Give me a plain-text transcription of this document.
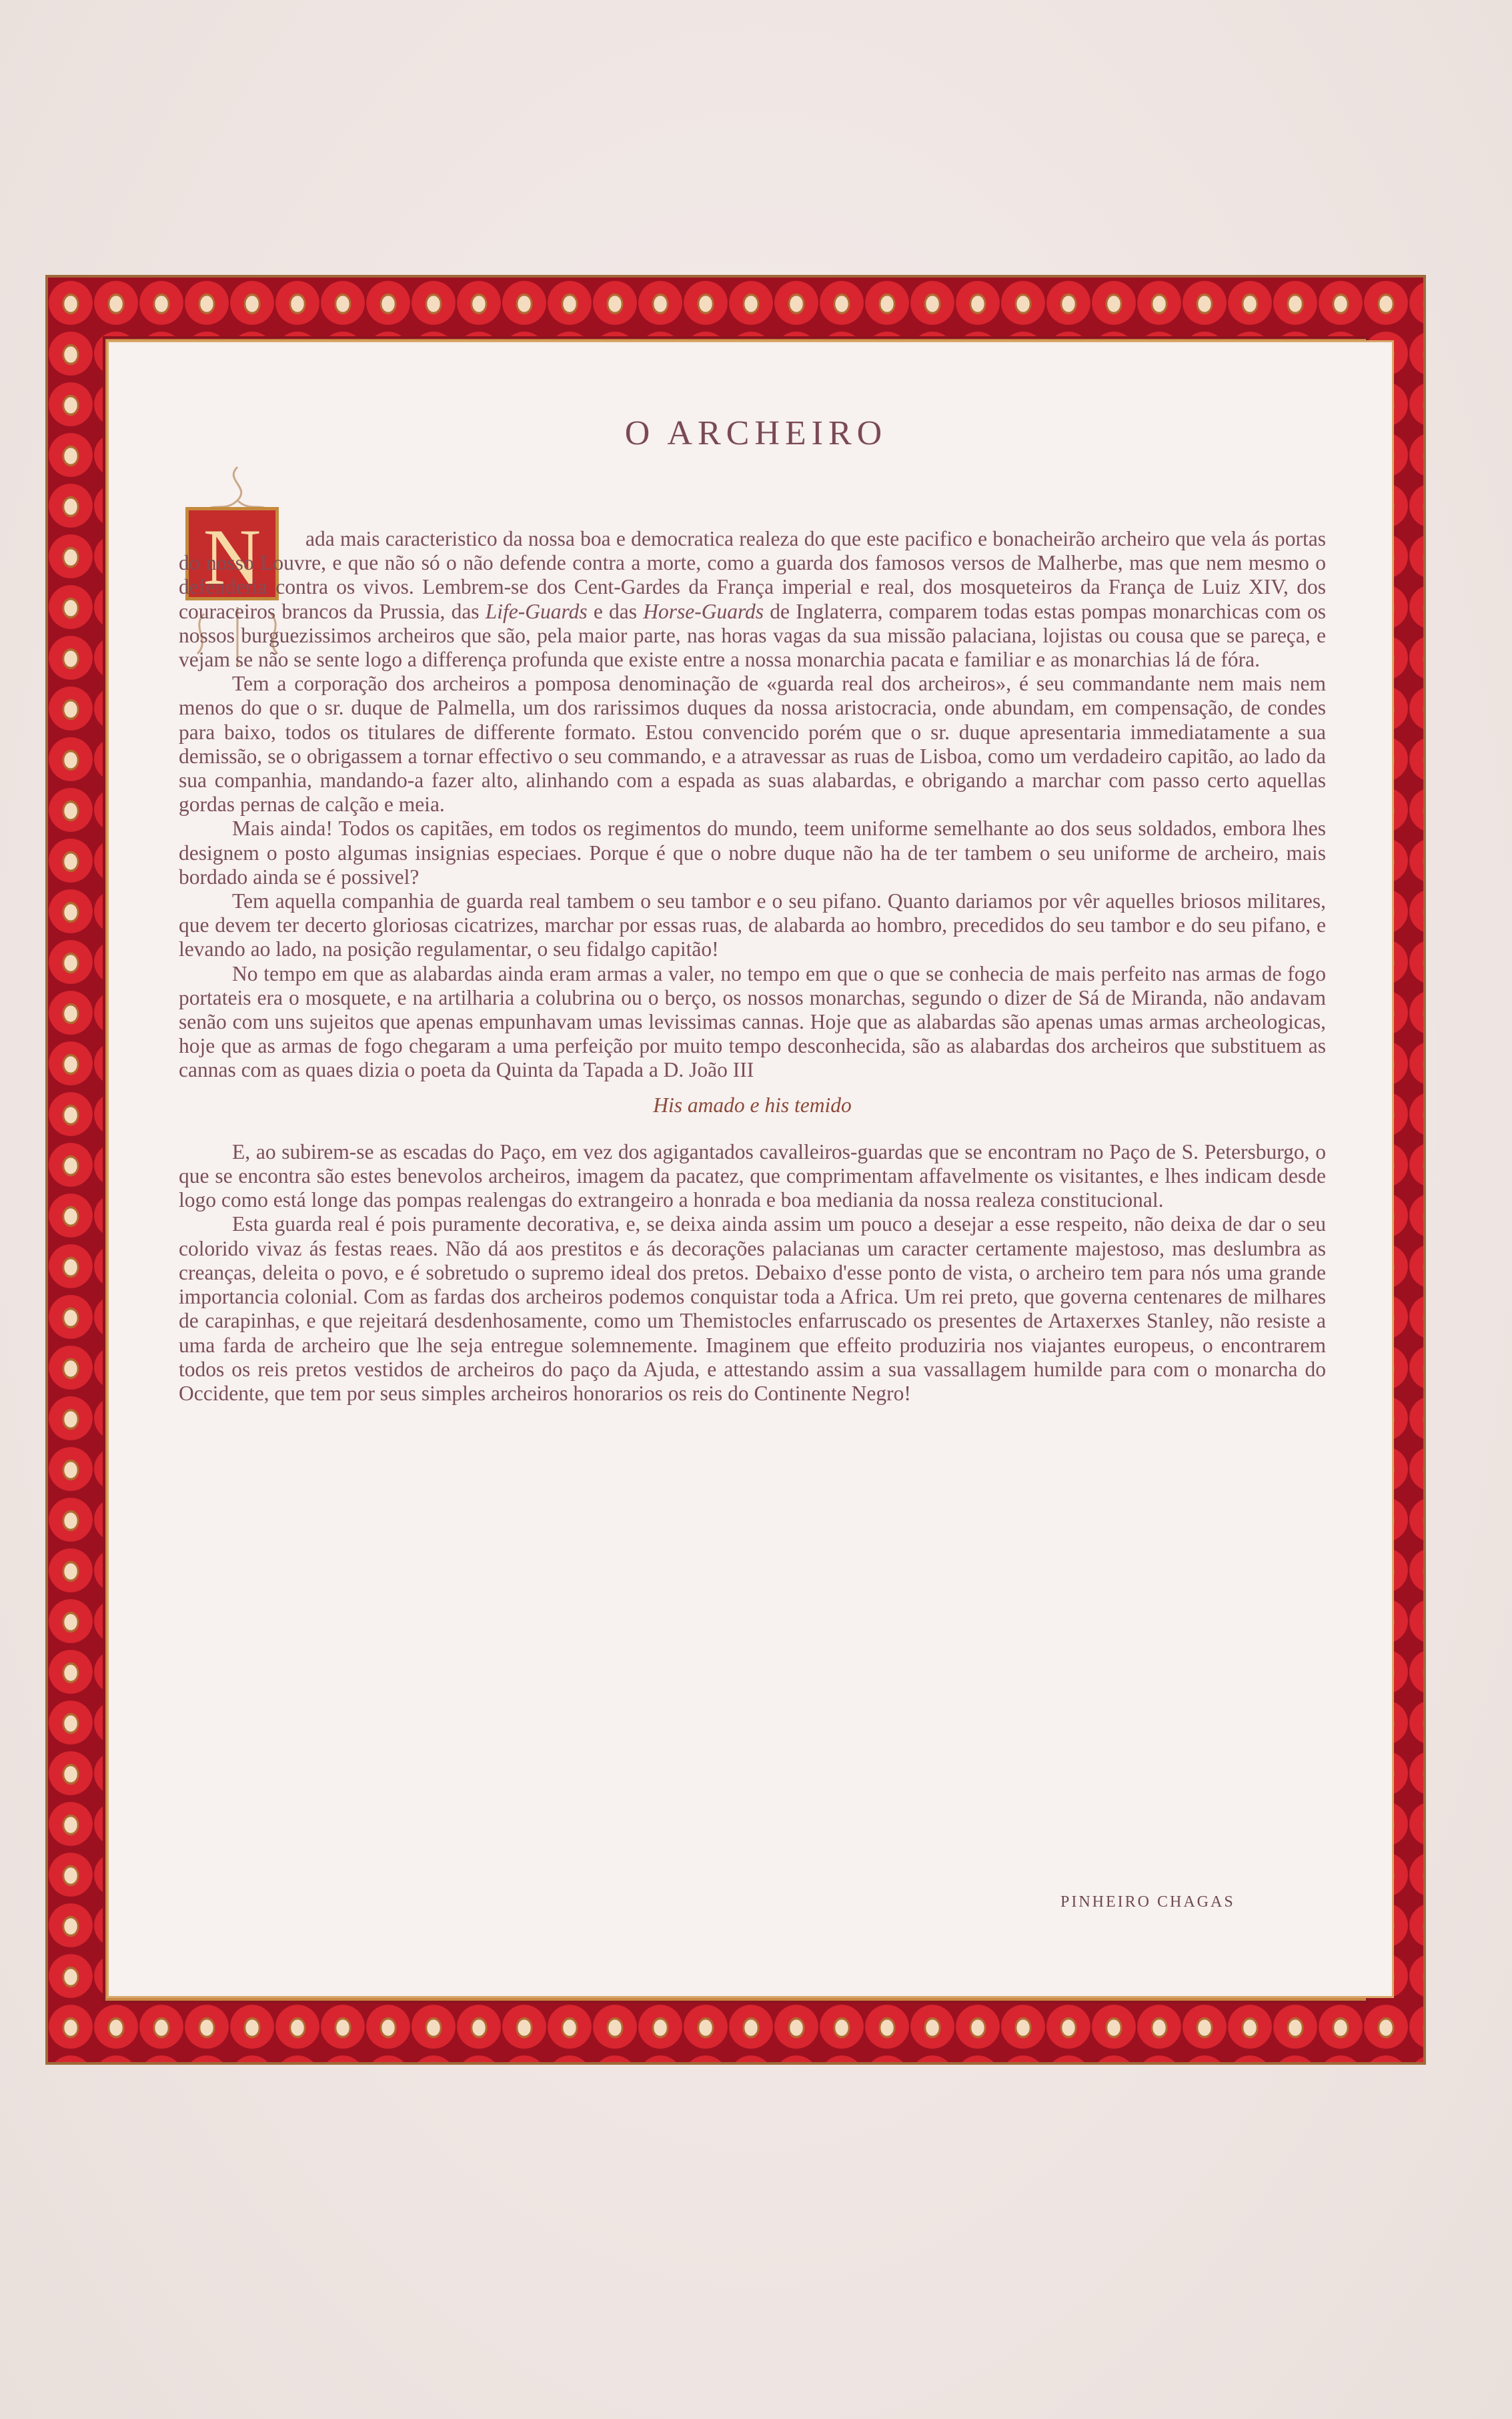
O ARCHEIRO
N	ada mais caracteristico da nossa boa e democratica realeza do que este pacifico e bonacheirão archeiro que vela ás portas do nosso Louvre, e que não só o não defende contra a morte, como a guarda dos famosos versos de Malherbe, mas que nem mesmo o defenderia contra os vivos. Lembrem-se dos Cent-Gardes da França imperial e real, dos mosqueteiros da França de Luiz XIV, dos couraceiros brancos da Prussia, das Life-Guards e das Horse-Guards de Inglaterra, comparem todas estas pompas monarchicas com os nossos burguezissimos archeiros que são, pela maior parte, nas horas vagas da sua missão palaciana, lojistas ou cousa que se pareça, e vejam se não se sente logo a differença profunda que existe entre a nossa monarchia pacata e familiar e as monarchias lá de fóra.

Tem a corporação dos archeiros a pomposa denominação de «guarda real dos archeiros», é seu commandante nem mais nem menos do que o sr. duque de Palmella, um dos rarissimos duques da nossa aristocracia, onde abundam, em compensação, de condes para baixo, todos os titulares de differente formato. Estou convencido porém que o sr. duque apresentaria immediatamente a sua demissão, se o obrigassem a tornar effectivo o seu commando, e a atravessar as ruas de Lisboa, como um verdadeiro capitão, ao lado da sua companhia, mandando-a fazer alto, alinhando com a espada as suas alabardas, e obrigando a marchar com passo certo aquellas gordas pernas de calção e meia.

Mais ainda! Todos os capitães, em todos os regimentos do mundo, teem uniforme semelhante ao dos seus soldados, embora lhes designem o posto algumas insignias especiaes. Porque é que o nobre duque não ha de ter tambem o seu uniforme de archeiro, mais bordado ainda se é possivel?

Tem aquella companhia de guarda real tambem o seu tambor e o seu pifano. Quanto dariamos por vêr aquelles briosos militares, que devem ter decerto gloriosas cicatrizes, marchar por essas ruas, de alabarda ao hombro, precedidos do seu tambor e do seu pifano, e levando ao lado, na posição regulamentar, o seu fidalgo capitão!

No tempo em que as alabardas ainda eram armas a valer, no tempo em que o que se conhecia de mais perfeito nas armas de fogo portateis era o mosquete, e na artilharia a colubrina ou o berço, os nossos monarchas, segundo o dizer de Sá de Miranda, não andavam senão com uns sujeitos que apenas empunhavam umas levissimas cannas. Hoje que as alabardas são apenas umas armas archeologicas, hoje que as armas de fogo chegaram a uma perfeição por muito tempo desconhecida, são as alabardas dos archeiros que substituem as cannas com as quaes dizia o poeta da Quinta da Tapada a D. João III

His amado e his temido

E, ao subirem-se as escadas do Paço, em vez dos agigantados cavalleiros-guardas que se encontram no Paço de S. Petersburgo, o que se encontra são estes benevolos archeiros, imagem da pacatez, que comprimentam affavelmente os visitantes, e lhes indicam desde logo como está longe das pompas realengas do extrangeiro a honrada e boa mediania da nossa realeza constitucional.

Esta guarda real é pois puramente decorativa, e, se deixa ainda assim um pouco a desejar a esse respeito, não deixa de dar o seu colorido vivaz ás festas reaes. Não dá aos prestitos e ás decorações palacianas um caracter certamente majestoso, mas deslumbra as creanças, deleita o povo, e é sobretudo o supremo ideal dos pretos. Debaixo d'esse ponto de vista, o archeiro tem para nós uma grande importancia colonial. Com as fardas dos archeiros podemos conquistar toda a Africa. Um rei preto, que governa centenares de milhares de carapinhas, e que rejeitará desdenhosamente, como um Themistocles enfarruscado os presentes de Artaxerxes Stanley, não resiste a uma farda de archeiro que lhe seja entregue solemnemente. Imaginem que effeito produziria nos viajantes europeus, o encontrarem todos os reis pretos vestidos de archeiros do paço da Ajuda, e attestando assim a sua vassallagem humilde para com o monarcha do Occidente, que tem por seus simples archeiros honorarios os reis do Continente Negro!

PINHEIRO CHAGAS
